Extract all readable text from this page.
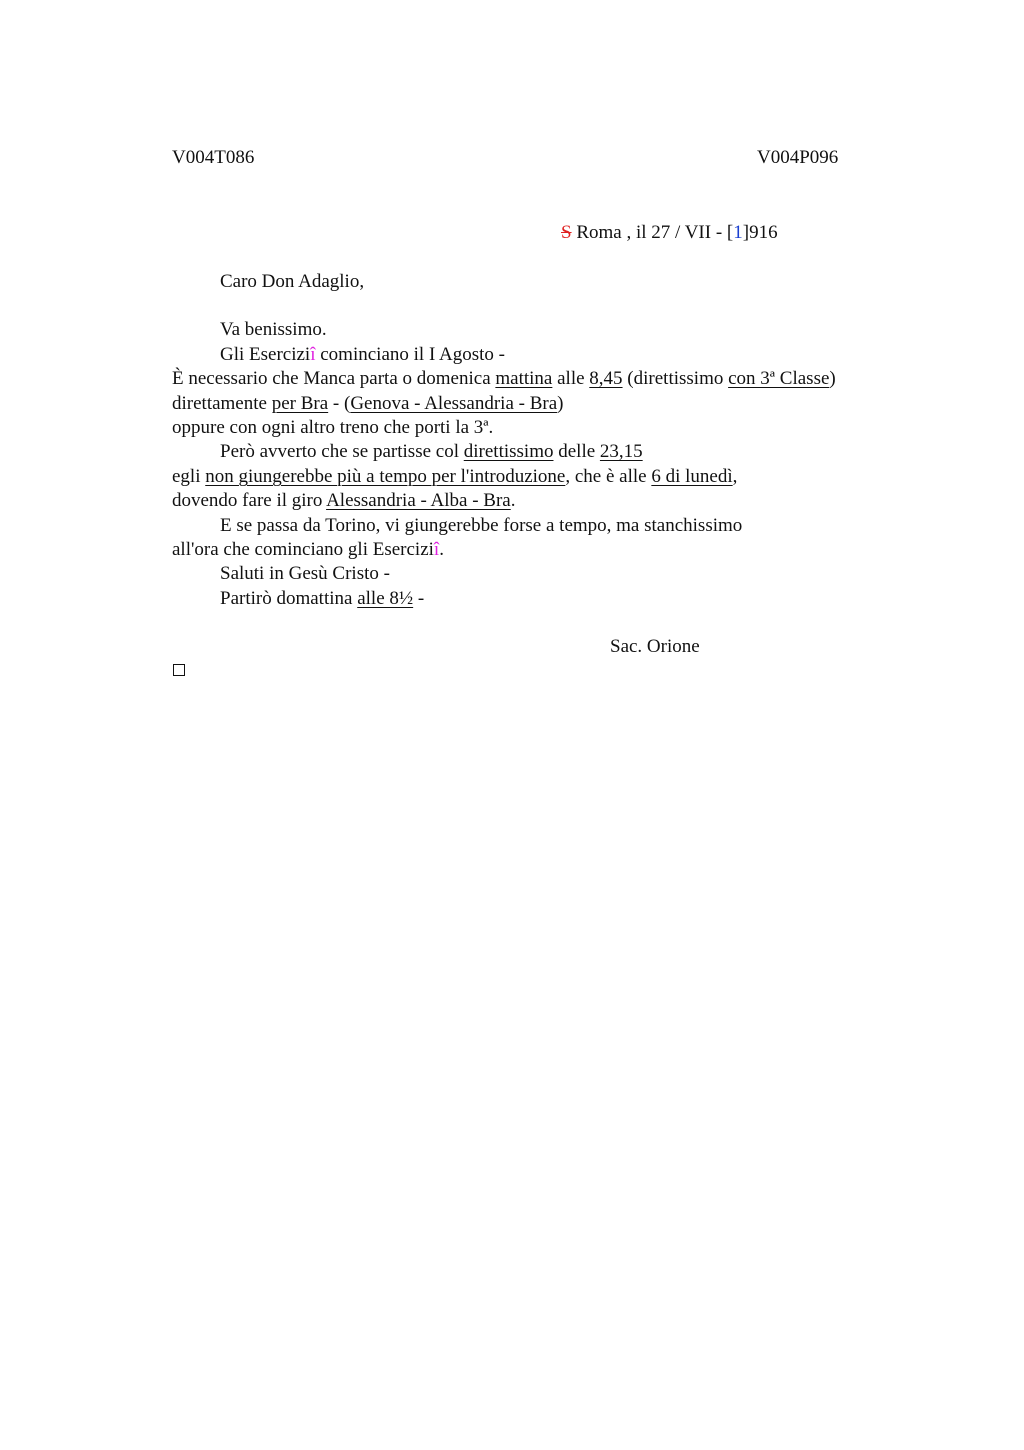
V004T086	V004P096
S Roma , il 27 / VII - [1]916
Caro Don Adaglio,
Va benissimo.
Gli Eserciziî cominciano il I Agosto -
È necessario che Manca parta o domenica mattina alle 8,45 (direttissimo con 3ª Classe)
direttamente per Bra - (Genova - Alessandria - Bra)
oppure con ogni altro treno che porti la 3ª.
Però avverto che se partisse col direttissimo delle 23,15
egli non giungerebbe più a tempo per l'introduzione, che è alle 6 di lunedì,
dovendo fare il giro Alessandria - Alba - Bra.
E se passa da Torino, vi giungerebbe forse a tempo, ma stanchissimo
all'ora che cominciano gli Eserciziî.
Saluti in Gesù Cristo -
Partirò domattina alle 8½ -
Sac. Orione
